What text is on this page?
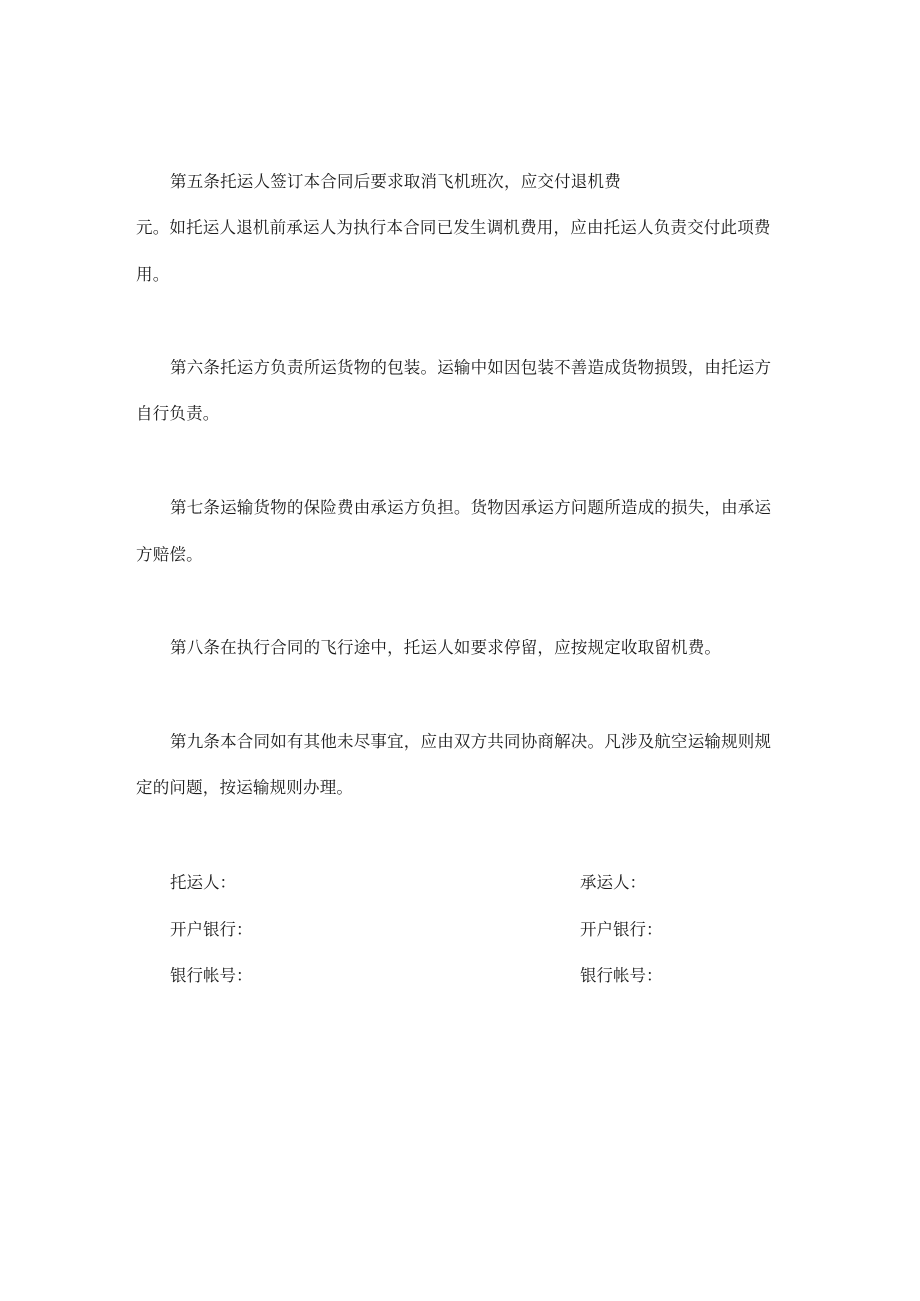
第五条托运人签订本合同后要求取消飞机班次，应交付退机费
元。如托运人退机前承运人为执行本合同已发生调机费用，应由托运人负责交付此项费
用。
第六条托运方负责所运货物的包装。运输中如因包装不善造成货物损毁，由托运方
自行负责。
第七条运输货物的保险费由承运方负担。货物因承运方问题所造成的损失，由承运
方赔偿。
第八条在执行合同的飞行途中，托运人如要求停留，应按规定收取留机费。
第九条本合同如有其他未尽事宜，应由双方共同协商解决。凡涉及航空运输规则规
定的问题，按运输规则办理。
托运人：
开户银行：
银行帐号：
承运人：
开户银行：
银行帐号：
